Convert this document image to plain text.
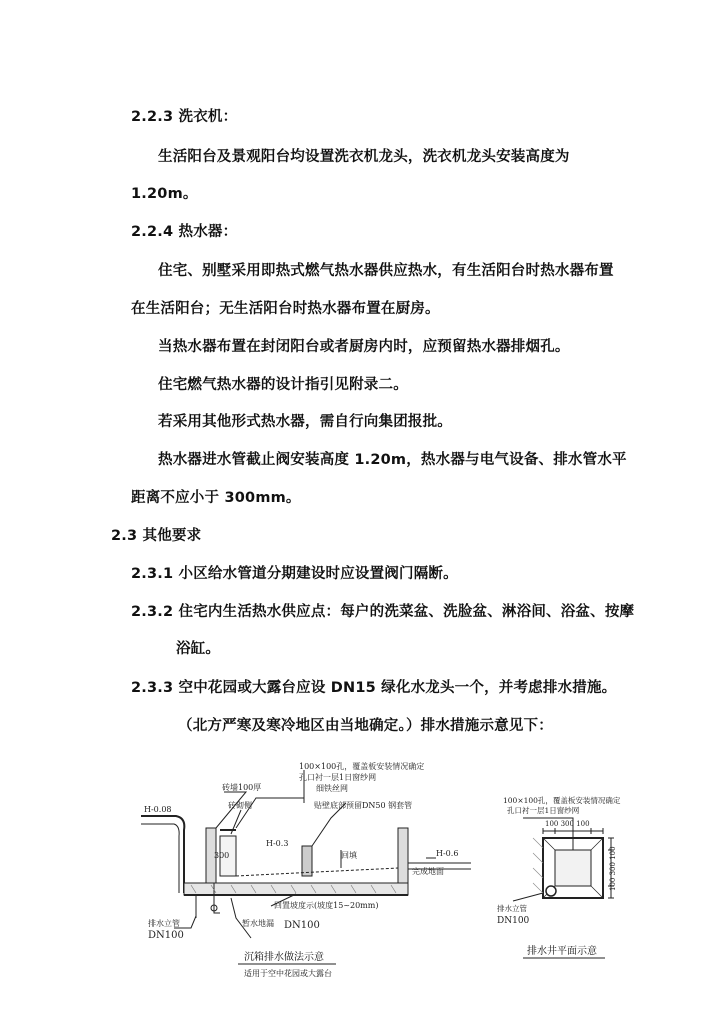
2.2.3 洗衣机：
生活阳台及景观阳台均设置洗衣机龙头，洗衣机龙头安装高度为
1.20m。
2.2.4 热水器：
住宅、别墅采用即热式燃气热水器供应热水，有生活阳台时热水器布置
在生活阳台；无生活阳台时热水器布置在厨房。
当热水器布置在封闭阳台或者厨房内时，应预留热水器排烟孔。
住宅燃气热水器的设计指引见附录二。
若采用其他形式热水器，需自行向集团报批。
热水器进水管截止阀安装高度 1.20m，热水器与电气设备、排水管水平
距离不应小于 300mm。
2.3 其他要求
2.3.1 小区给水管道分期建设时应设置阀门隔断。
2.3.2 住宅内生活热水供应点：每户的洗菜盆、洗脸盆、淋浴间、浴盆、按摩
浴缸。
2.3.3 空中花园或大露台应设 DN15 绿化水龙头一个，并考虑排水措施。
（北方严寒及寒冷地区由当地确定。）排水措施示意见下：
100×100孔，覆盖板安装情况确定
孔口衬一层1日窗纱网
细铁丝网
贴壁底部预留DN50 钢套管
砖墙100厚
砖砌侧
H-0.08
H-0.3
H-0.6
300	回填
完成地面
回置坡度示(坡度15~20mm)
排水立管
DN100
暂水地漏 DN100
沉箱排水做法示意
适用于空中花园或大露台
100×100孔，覆盖板安装情况确定
孔口衬一层1日窗纱网
100 300 100
100 300 100
排水立管
DN100
排水井平面示意
